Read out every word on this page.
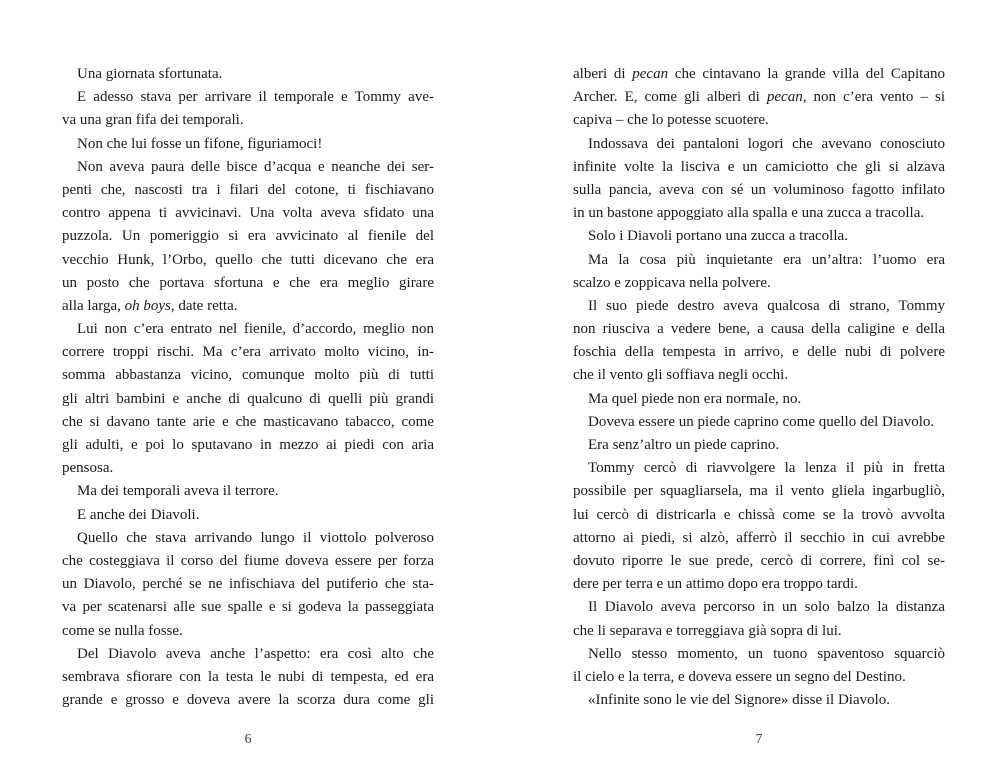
Una giornata sfortunata.
E adesso stava per arrivare il temporale e Tommy ave-
va una gran fifa dei temporali.
Non che lui fosse un fifone, figuriamoci!
Non aveva paura delle bisce d’acqua e neanche dei ser-
penti che, nascosti tra i filari del cotone, ti fischiavano
contro appena ti avvicinavi. Una volta aveva sfidato una
puzzola. Un pomeriggio si era avvicinato al fienile del
vecchio Hunk, l’Orbo, quello che tutti dicevano che era
un posto che portava sfortuna e che era meglio girare
alla larga, oh boys, date retta.
Lui non c’era entrato nel fienile, d’accordo, meglio non
correre troppi rischi. Ma c’era arrivato molto vicino, in-
somma abbastanza vicino, comunque molto più di tutti
gli altri bambini e anche di qualcuno di quelli più grandi
che si davano tante arie e che masticavano tabacco, come
gli adulti, e poi lo sputavano in mezzo ai piedi con aria
pensosa.
Ma dei temporali aveva il terrore.
E anche dei Diavoli.
Quello che stava arrivando lungo il viottolo polveroso
che costeggiava il corso del fiume doveva essere per forza
un Diavolo, perché se ne infischiava del putiferio che sta-
va per scatenarsi alle sue spalle e si godeva la passeggiata
come se nulla fosse.
Del Diavolo aveva anche l’aspetto: era così alto che
sembrava sfiorare con la testa le nubi di tempesta, ed era
grande e grosso e doveva avere la scorza dura come gli
6
alberi di pecan che cintavano la grande villa del Capitano
Archer. E, come gli alberi di pecan, non c’era vento – si
capiva – che lo potesse scuotere.
Indossava dei pantaloni logori che avevano conosciuto
infinite volte la lisciva e un camiciotto che gli si alzava
sulla pancia, aveva con sé un voluminoso fagotto infilato
in un bastone appoggiato alla spalla e una zucca a tracolla.
Solo i Diavoli portano una zucca a tracolla.
Ma la cosa più inquietante era un’altra: l’uomo era
scalzo e zoppicava nella polvere.
Il suo piede destro aveva qualcosa di strano, Tommy
non riusciva a vedere bene, a causa della caligine e della
foschia della tempesta in arrivo, e delle nubi di polvere
che il vento gli soffiava negli occhi.
Ma quel piede non era normale, no.
Doveva essere un piede caprino come quello del Diavolo.
Era senz’altro un piede caprino.
Tommy cercò di riavvolgere la lenza il più in fretta
possibile per squagliarsela, ma il vento gliela ingarbugliò,
lui cercò di districarla e chissà come se la trovò avvolta
attorno ai piedi, si alzò, afferrò il secchio in cui avrebbe
dovuto riporre le sue prede, cercò di correre, finì col se-
dere per terra e un attimo dopo era troppo tardi.
Il Diavolo aveva percorso in un solo balzo la distanza
che li separava e torreggiava già sopra di lui.
Nello stesso momento, un tuono spaventoso squarciò
il cielo e la terra, e doveva essere un segno del Destino.
«Infinite sono le vie del Signore» disse il Diavolo.
7
